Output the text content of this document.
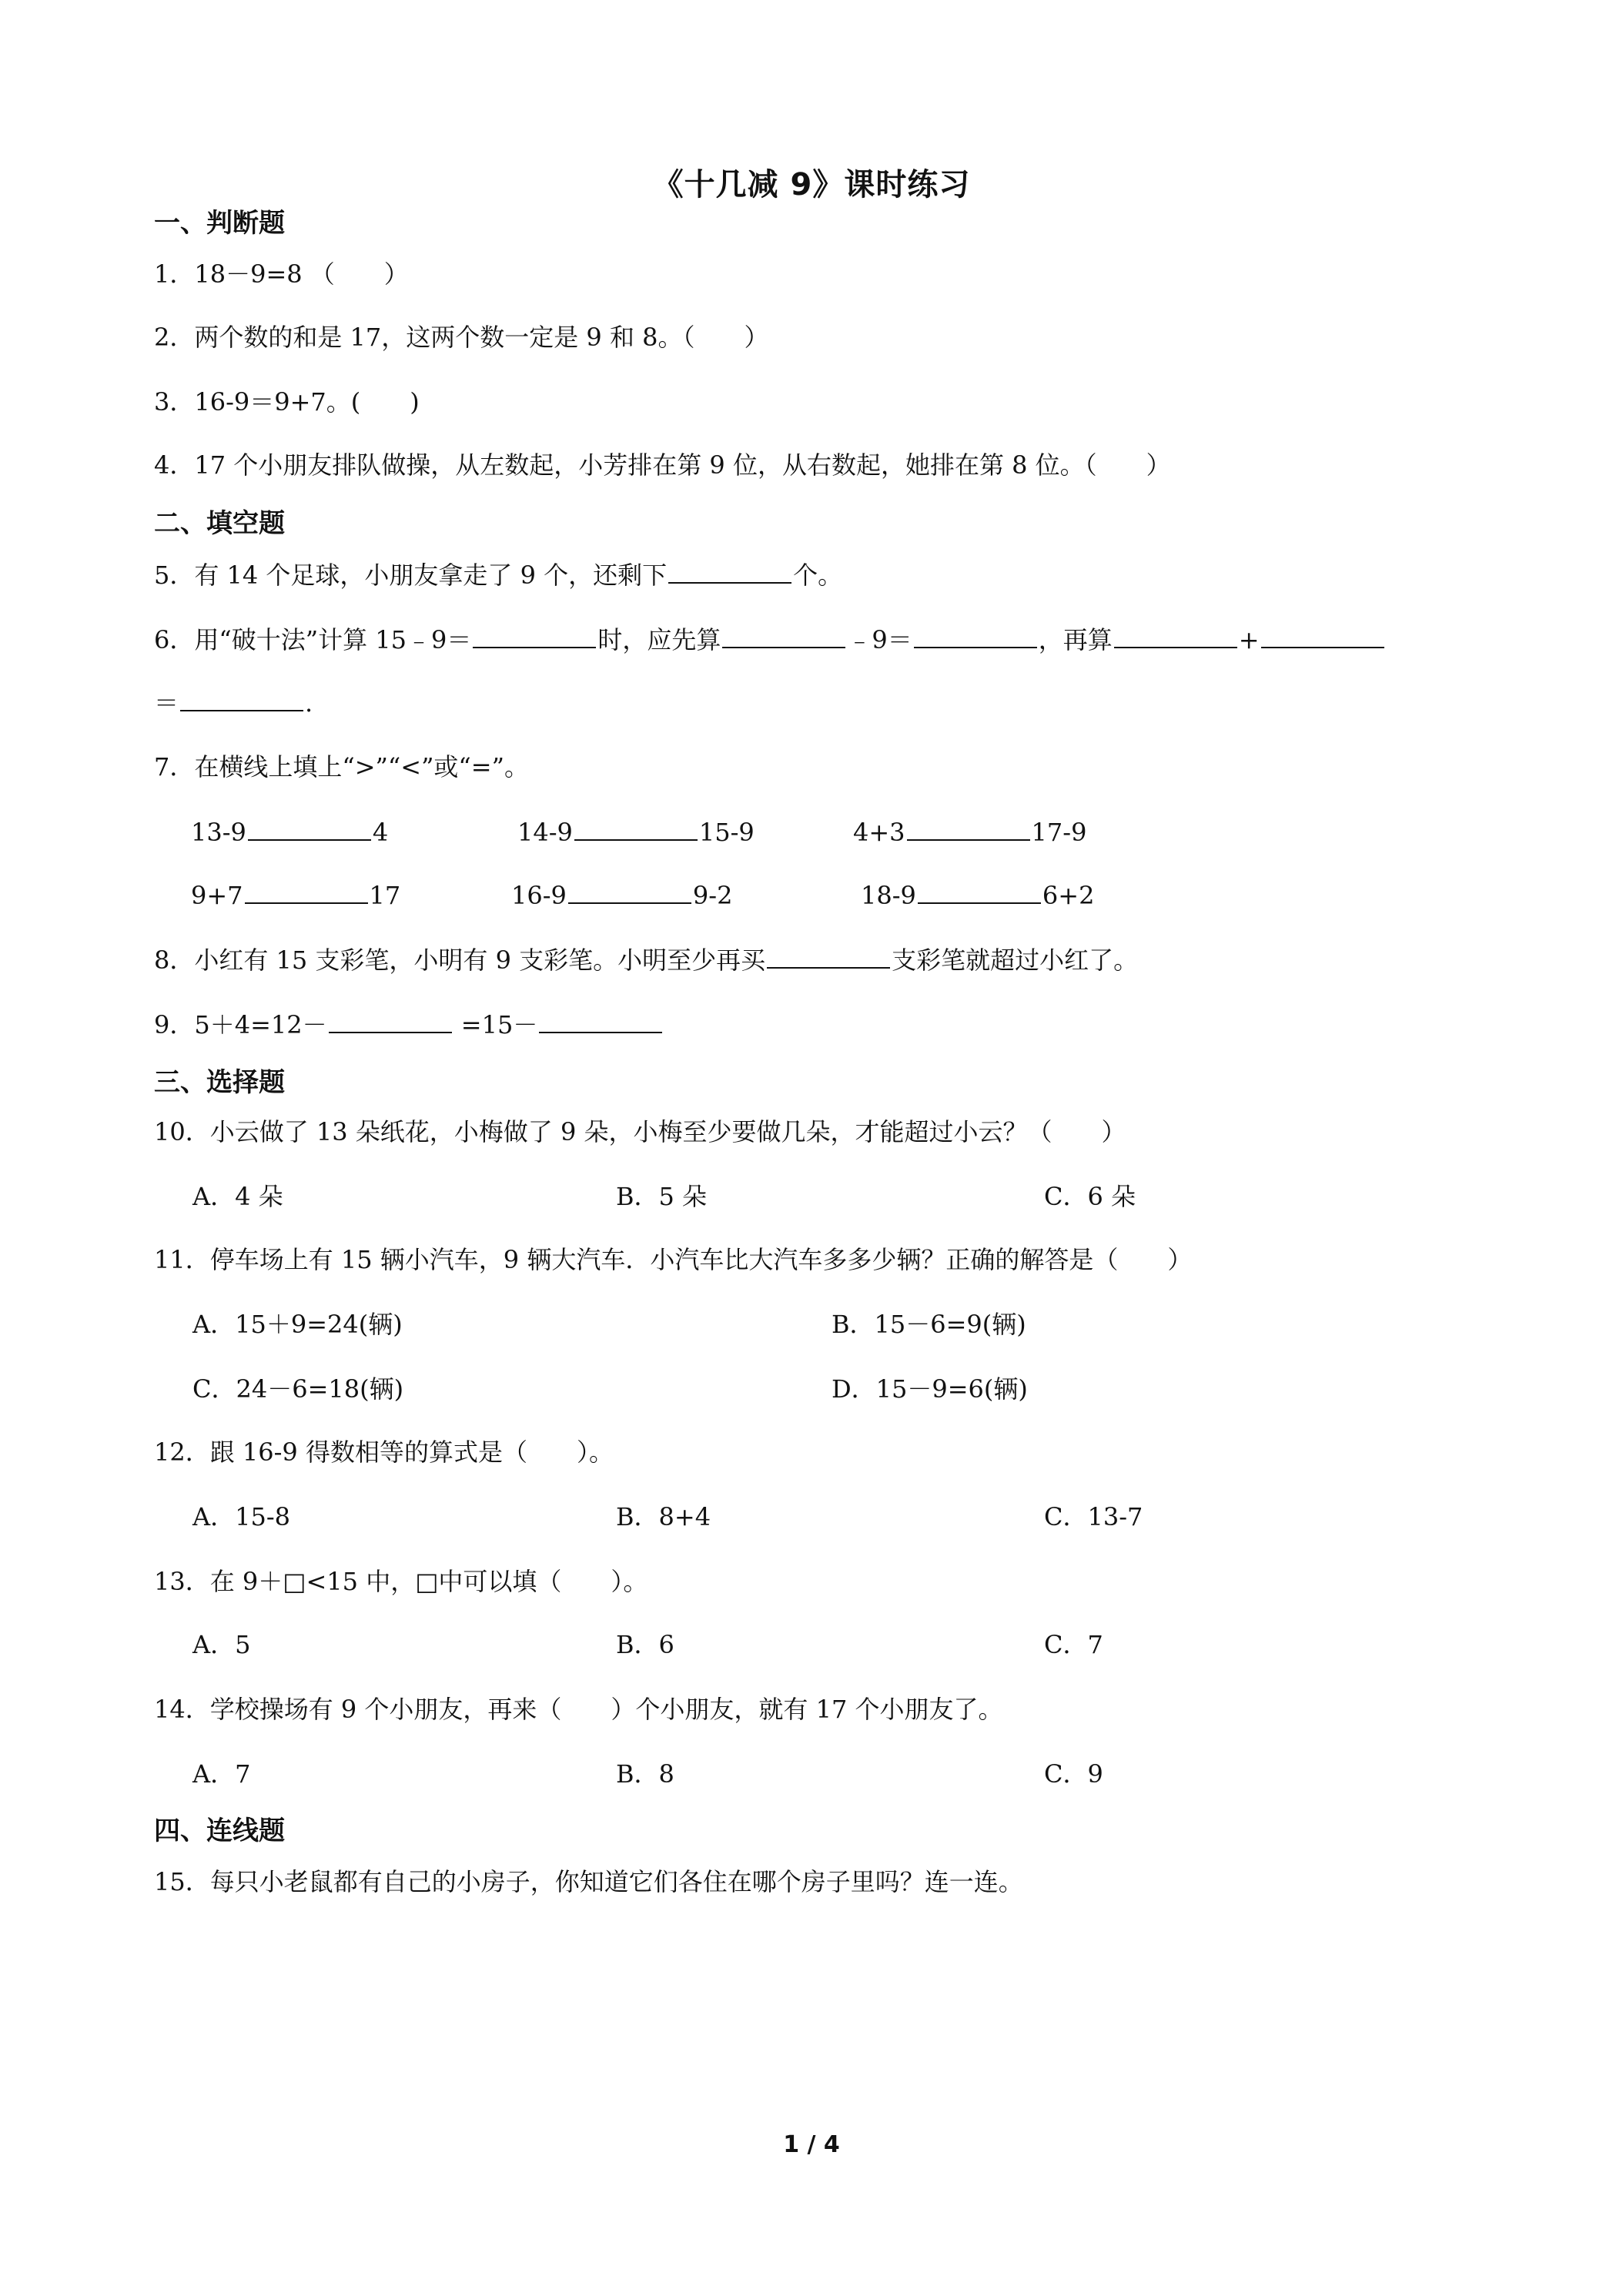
《十几减 9》课时练习
一、判断题
1．18－9=8 （　　）
2．两个数的和是 17，这两个数一定是 9 和 8。（　　）
3．16-9＝9+7。(　　)
4．17 个小朋友排队做操，从左数起，小芳排在第 9 位，从右数起，她排在第 8 位。（　　）
二、填空题
5．有 14 个足球，小朋友拿走了 9 个，还剩下	个。
6．用“破十法”计算 15﹣9＝	时，应先算	﹣9＝	，再算	+
＝	.
7．在横线上填上“>”“<”或“=”。
13-9	4	14-9	15-9	4+3	17-9
9+7	17	16-9	9-2	18-9	6+2
8．小红有 15 支彩笔，小明有 9 支彩笔。小明至少再买	支彩笔就超过小红了。
9．5＋4=12－	=15－
三、选择题
10．小云做了 13 朵纸花，小梅做了 9 朵，小梅至少要做几朵，才能超过小云？（　　）
A．4 朵	B．5 朵	C．6 朵
11．停车场上有 15 辆小汽车，9 辆大汽车．小汽车比大汽车多多少辆？正确的解答是（　　）
A．15＋9=24(辆)	B．15－6=9(辆)
C．24－6=18(辆)	D．15－9=6(辆)
12．跟 16-9 得数相等的算式是（　　）。
A．15-8	B．8+4	C．13-7
13．在 9＋□<15 中，□中可以填（　　）。
A．5	B．6	C．7
14．学校操场有 9 个小朋友，再来（　　）个小朋友，就有 17 个小朋友了。
A．7	B．8	C．9
四、连线题
15．每只小老鼠都有自己的小房子，你知道它们各住在哪个房子里吗？连一连。
1 / 4
